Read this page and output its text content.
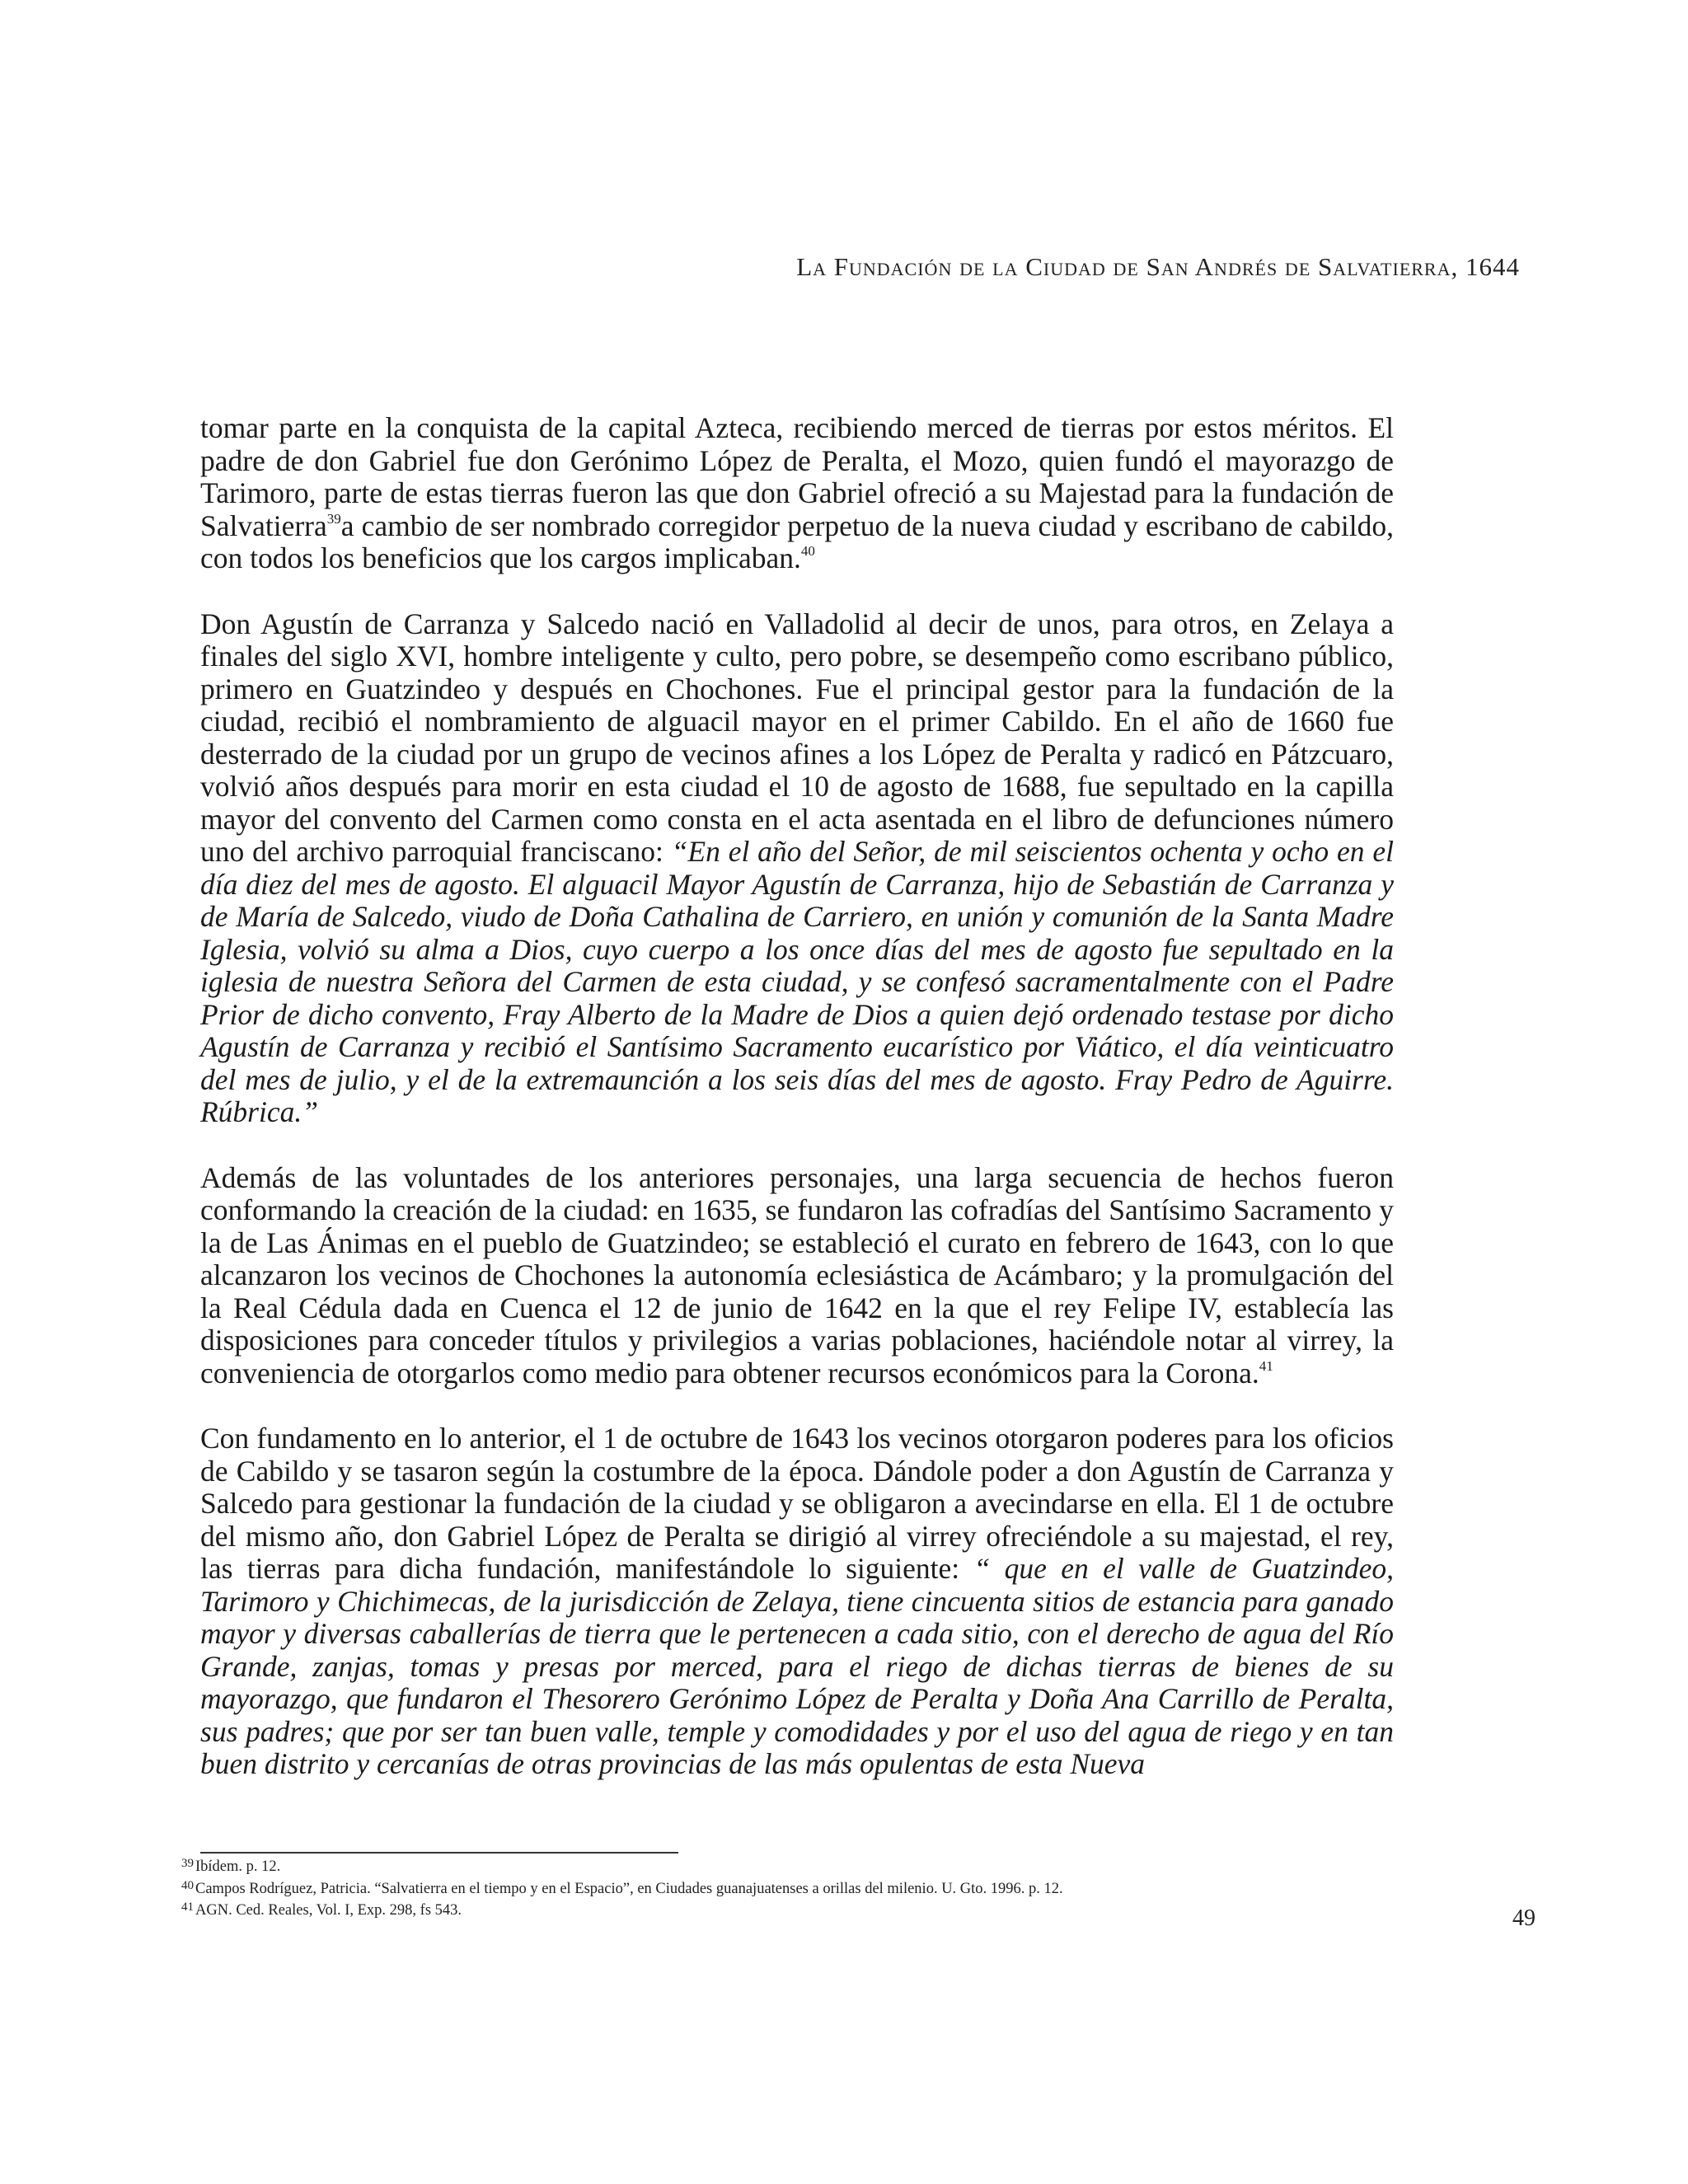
La Fundación de la Ciudad de San Andrés de Salvatierra, 1644

tomar parte en la conquista de la capital Azteca, recibiendo merced de tierras por estos méritos. El padre de don Gabriel fue don Gerónimo López de Peralta, el Mozo, quien fundó el mayorazgo de Tarimoro, parte de estas tierras fueron las que don Gabriel ofreció a su Majestad para la fundación de Salvatierra$^{39}$a cambio de ser nombrado corregidor perpetuo de la nueva ciudad y escribano de cabildo, con todos los beneficios que los cargos implicaban.$^{40}$

Don Agustín de Carranza y Salcedo nació en Valladolid al decir de unos, para otros, en Zelaya a finales del siglo XVI, hombre inteligente y culto, pero pobre, se desempeño como escribano público, primero en Guatzindeo y después en Chochones. Fue el principal gestor para la fundación de la ciudad, recibió el nombramiento de alguacil mayor en el primer Cabildo. En el año de 1660 fue desterrado de la ciudad por un grupo de vecinos afines a los López de Peralta y radicó en Pátzcuaro, volvió años después para morir en esta ciudad el 10 de agosto de 1688, fue sepultado en la capilla mayor del convento del Carmen como consta en el acta asentada en el libro de defunciones número uno del archivo parroquial franciscano: “En el año del Señor, de mil seiscientos ochenta y ocho en el día diez del mes de agosto. El alguacil Mayor Agustín de Carranza, hijo de Sebastián de Carranza y de María de Salcedo, viudo de Doña Cathalina de Carriero, en unión y comunión de la Santa Madre Iglesia, volvió su alma a Dios, cuyo cuerpo a los once días del mes de agosto fue sepultado en la iglesia de nuestra Señora del Carmen de esta ciudad, y se confesó sacramentalmente con el Padre Prior de dicho convento, Fray Alberto de la Madre de Dios a quien dejó ordenado testase por dicho Agustín de Carranza y recibió el Santísimo Sacramento eucarístico por Viático, el día veinticuatro del mes de julio, y el de la extremaunción a los seis días del mes de agosto. Fray Pedro de Aguirre. Rúbrica.”

Además de las voluntades de los anteriores personajes, una larga secuencia de hechos fueron conformando la creación de la ciudad: en 1635, se fundaron las cofradías del Santísimo Sacramento y la de Las Ánimas en el pueblo de Guatzindeo; se estableció el curato en febrero de 1643, con lo que alcanzaron los vecinos de Chochones la autonomía eclesiástica de Acámbaro; y la promulgación del la Real Cédula dada en Cuenca el 12 de junio de 1642 en la que el rey Felipe IV, establecía las disposiciones para conceder títulos y privilegios a varias poblaciones, haciéndole notar al virrey, la conveniencia de otorgarlos como medio para obtener recursos económicos para la Corona.$^{41}$

Con fundamento en lo anterior, el 1 de octubre de 1643 los vecinos otorgaron poderes para los oficios de Cabildo y se tasaron según la costumbre de la época. Dándole poder a don Agustín de Carranza y Salcedo para gestionar la fundación de la ciudad y se obligaron a avecindarse en ella. El 1 de octubre del mismo año, don Gabriel López de Peralta se dirigió al virrey ofreciéndole a su majestad, el rey, las tierras para dicha fundación, manifestándole lo siguiente: “ que en el valle de Guatzindeo, Tarimoro y Chichimecas, de la jurisdicción de Zelaya, tiene cincuenta sitios de estancia para ganado mayor y diversas caballerías de tierra que le pertenecen a cada sitio, con el derecho de agua del Río Grande, zanjas, tomas y presas por merced, para el riego de dichas tierras de bienes de su mayorazgo, que fundaron el Thesorero Gerónimo López de Peralta y Doña Ana Carrillo de Peralta, sus padres; que por ser tan buen valle, temple y comodidades y por el uso del agua de riego y en tan buen distrito y cercanías de otras provincias de las más opulentas de esta Nueva

$^{39}$ Ibídem. p. 12.
$^{40}$ Campos Rodríguez, Patricia. “Salvatierra en el tiempo y en el Espacio”, en Ciudades guanajuatenses a orillas del milenio. U. Gto. 1996. p. 12.
$^{41}$ AGN. Ced. Reales, Vol. I, Exp. 298, fs 543.	49
